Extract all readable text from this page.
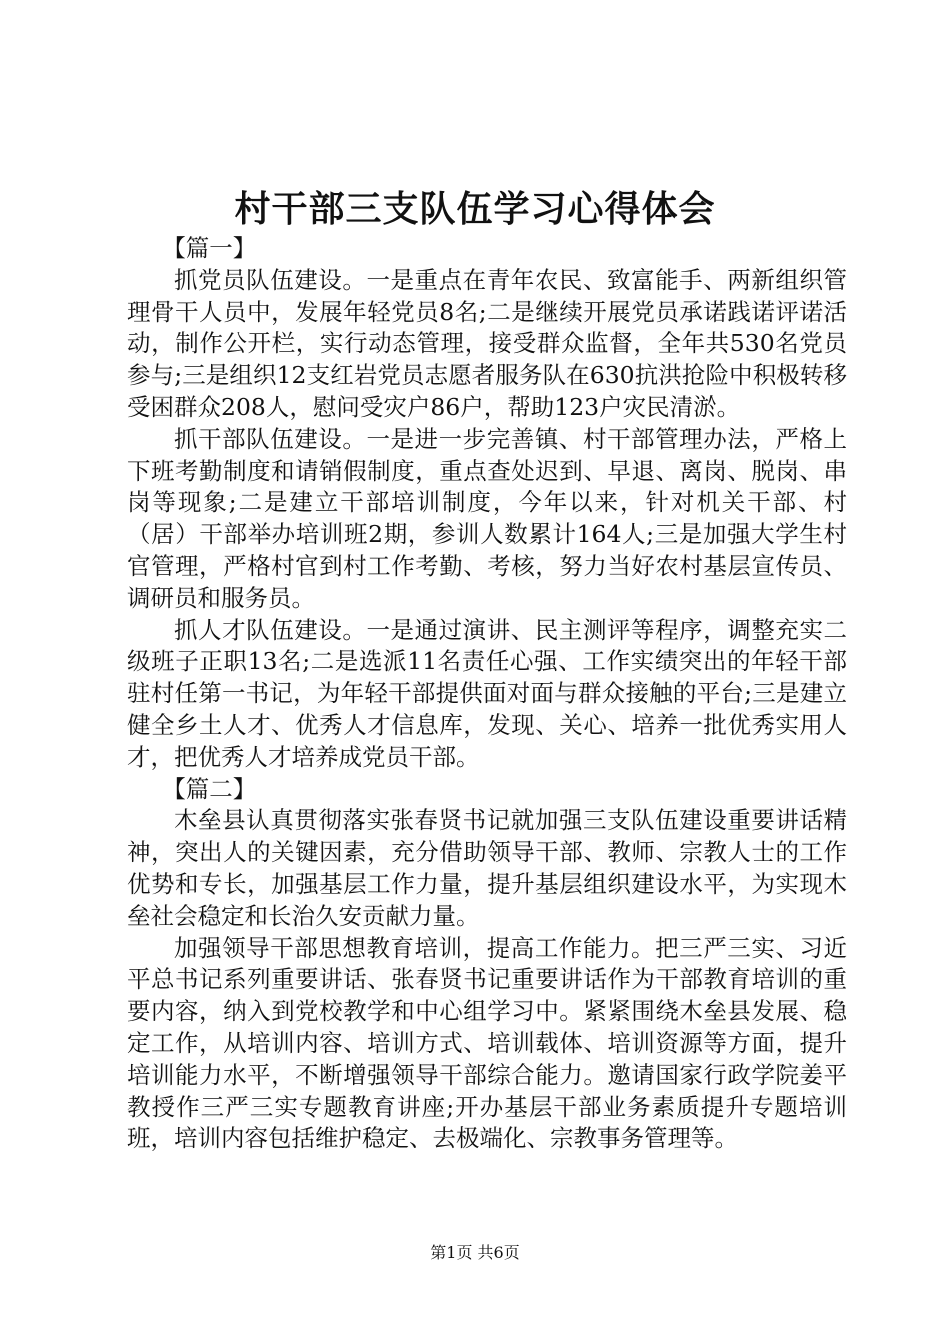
村干部三支队伍学习心得体会

【篇一】

抓党员队伍建设。一是重点在青年农民、致富能手、两新组织管理骨干人员中，发展年轻党员8名;二是继续开展党员承诺践诺评诺活动，制作公开栏，实行动态管理，接受群众监督，全年共530名党员参与;三是组织12支红岩党员志愿者服务队在630抗洪抢险中积极转移受困群众208人，慰问受灾户86户，帮助123户灾民清淤。

抓干部队伍建设。一是进一步完善镇、村干部管理办法，严格上下班考勤制度和请销假制度，重点查处迟到、早退、离岗、脱岗、串岗等现象;二是建立干部培训制度，今年以来，针对机关干部、村（居）干部举办培训班2期，参训人数累计164人;三是加强大学生村官管理，严格村官到村工作考勤、考核，努力当好农村基层宣传员、调研员和服务员。

抓人才队伍建设。一是通过演讲、民主测评等程序，调整充实二级班子正职13名;二是选派11名责任心强、工作实绩突出的年轻干部驻村任第一书记，为年轻干部提供面对面与群众接触的平台;三是建立健全乡土人才、优秀人才信息库，发现、关心、培养一批优秀实用人才，把优秀人才培养成党员干部。

【篇二】

木垒县认真贯彻落实张春贤书记就加强三支队伍建设重要讲话精神，突出人的关键因素，充分借助领导干部、教师、宗教人士的工作优势和专长，加强基层工作力量，提升基层组织建设水平，为实现木垒社会稳定和长治久安贡献力量。

加强领导干部思想教育培训，提高工作能力。把三严三实、习近平总书记系列重要讲话、张春贤书记重要讲话作为干部教育培训的重要内容，纳入到党校教学和中心组学习中。紧紧围绕木垒县发展、稳定工作，从培训内容、培训方式、培训载体、培训资源等方面，提升培训能力水平，不断增强领导干部综合能力。邀请国家行政学院姜平教授作三严三实专题教育讲座;开办基层干部业务素质提升专题培训班，培训内容包括维护稳定、去极端化、宗教事务管理等。

第1页 共6页
